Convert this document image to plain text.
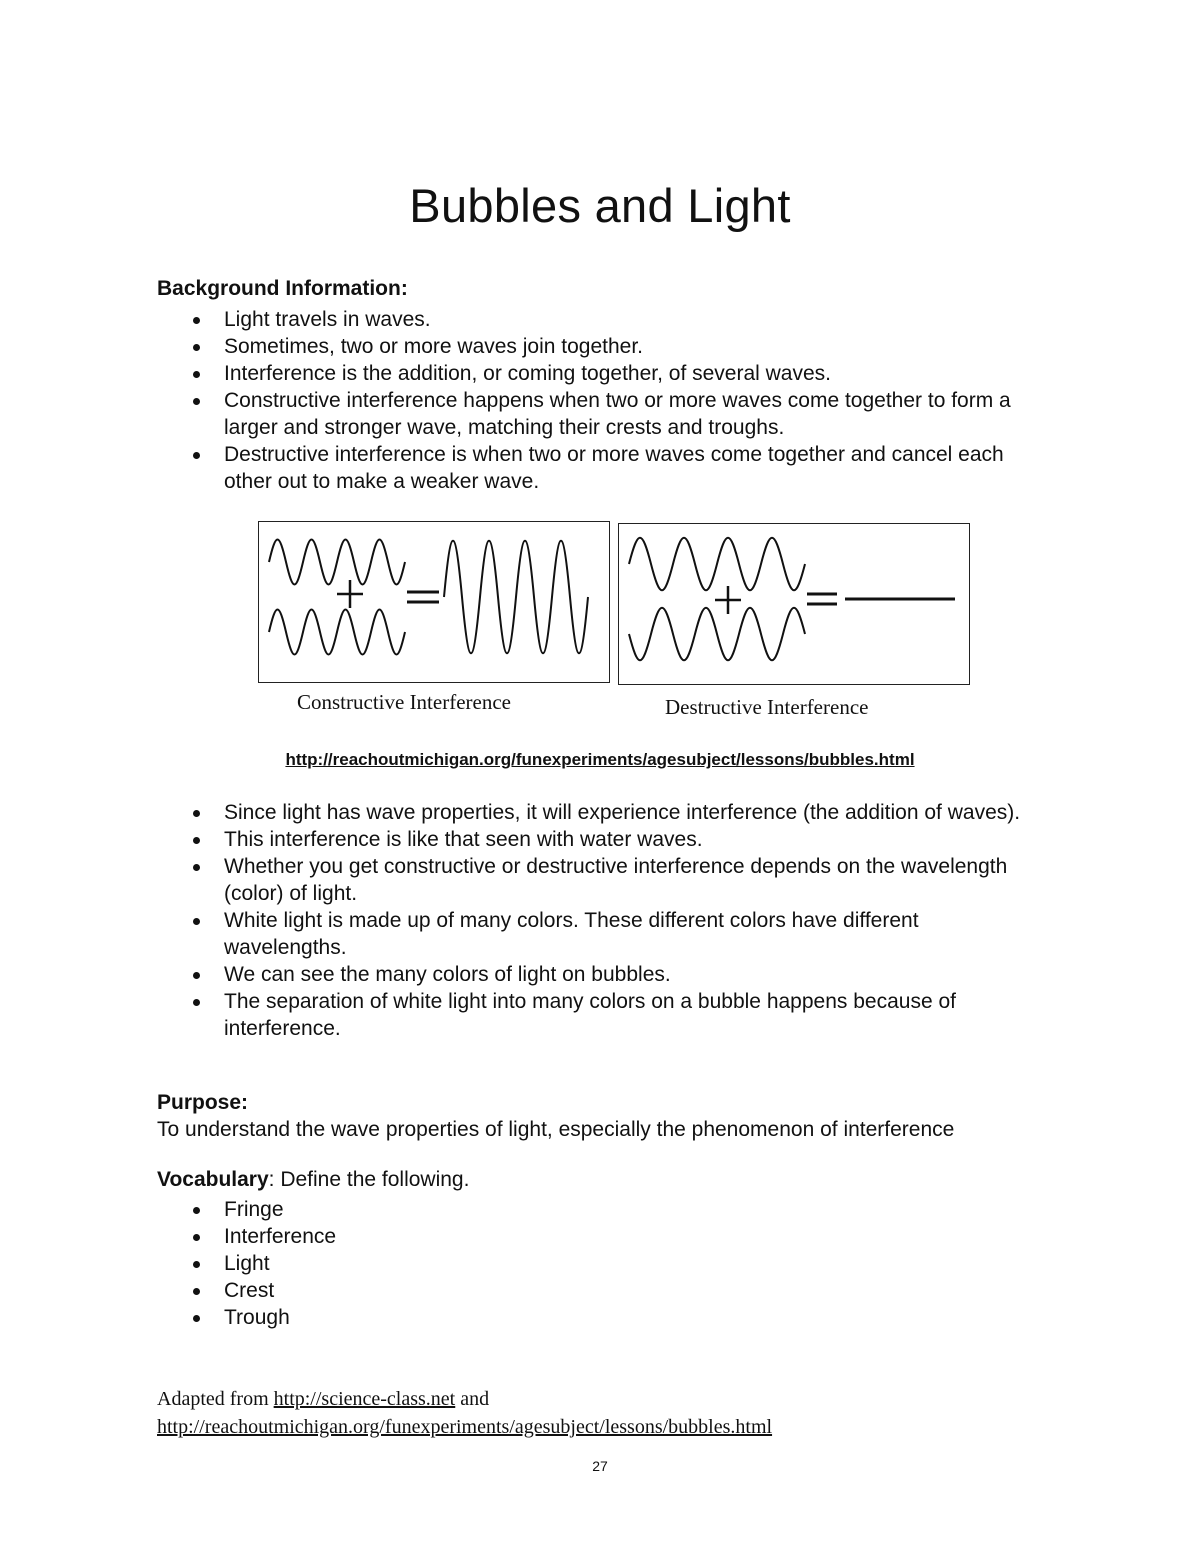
Bubbles and Light
Background Information:
Light travels in waves.
Sometimes, two or more waves join together.
Interference is the addition, or coming together, of several waves.
Constructive interference happens when two or more waves come together to form a larger and stronger wave, matching their crests and troughs.
Destructive interference is when two or more waves come together and cancel each other out to make a weaker wave.
Constructive Interference	Destructive Interference
http://reachoutmichigan.org/funexperiments/agesubject/lessons/bubbles.html
Since light has wave properties, it will experience interference (the addition of waves).
This interference is like that seen with water waves.
Whether you get constructive or destructive interference depends on the wavelength (color) of light.
White light is made up of many colors. These different colors have different wavelengths.
We can see the many colors of light on bubbles.
The separation of white light into many colors on a bubble happens because of interference.
Purpose:
To understand the wave properties of light, especially the phenomenon of interference
Vocabulary: Define the following.
Fringe
Interference
Light
Crest
Trough
Adapted from http://science-class.net and
http://reachoutmichigan.org/funexperiments/agesubject/lessons/bubbles.html
27
